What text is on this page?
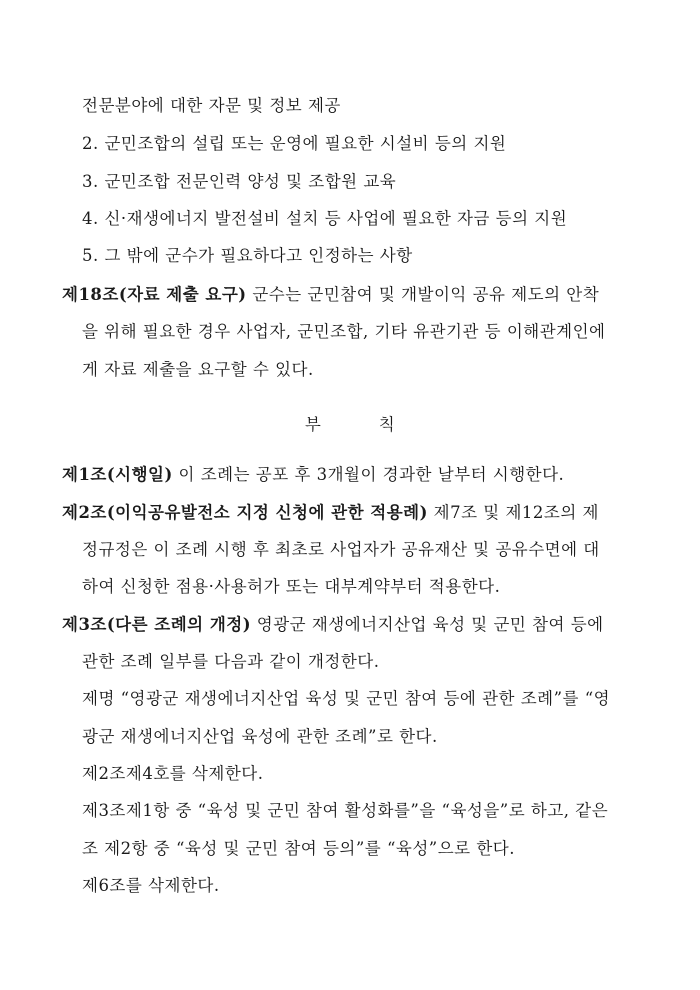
전문분야에 대한 자문 및 정보 제공
2. 군민조합의 설립 또는 운영에 필요한 시설비 등의 지원
3. 군민조합 전문인력 양성 및 조합원 교육
4. 신·재생에너지 발전설비 설치 등 사업에 필요한 자금 등의 지원
5. 그 밖에 군수가 필요하다고 인정하는 사항
제18조(자료 제출 요구) 군수는 군민참여 및 개발이익 공유 제도의 안착
을 위해 필요한 경우 사업자, 군민조합, 기타 유관기관 등 이해관계인에
게 자료 제출을 요구할 수 있다.
부          칙
제1조(시행일) 이 조례는 공포 후 3개월이 경과한 날부터 시행한다.
제2조(이익공유발전소 지정 신청에 관한 적용례) 제7조 및 제12조의 제
정규정은 이 조례 시행 후 최초로 사업자가 공유재산 및 공유수면에 대
하여 신청한 점용·사용허가 또는 대부계약부터 적용한다.
제3조(다른 조례의 개정) 영광군 재생에너지산업 육성 및 군민 참여 등에
관한 조례 일부를 다음과 같이 개정한다.
제명 “영광군 재생에너지산업 육성 및 군민 참여 등에 관한 조례”를 “영
광군 재생에너지산업 육성에 관한 조례”로 한다.
제2조제4호를 삭제한다.
제3조제1항 중 “육성 및 군민 참여 활성화를”을 “육성을”로 하고, 같은
조 제2항 중 “육성 및 군민 참여 등의”를 “육성”으로 한다.
제6조를 삭제한다.
